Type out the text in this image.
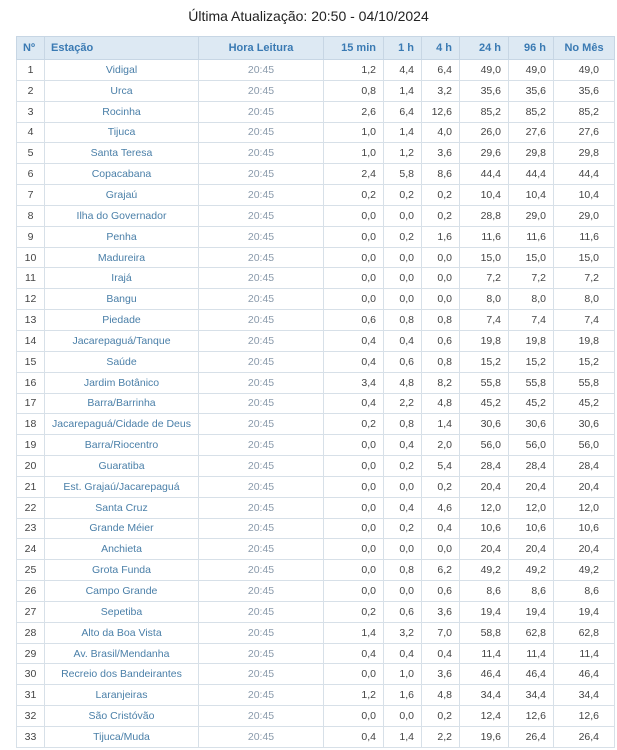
Última Atualização: 20:50 - 04/10/2024
Nº	Estação	Hora Leitura	15 min	1 h	4 h	24 h	96 h	No Mês
1	Vidigal	20:45	1,2	4,4	6,4	49,0	49,0	49,0
2	Urca	20:45	0,8	1,4	3,2	35,6	35,6	35,6
3	Rocinha	20:45	2,6	6,4	12,6	85,2	85,2	85,2
4	Tijuca	20:45	1,0	1,4	4,0	26,0	27,6	27,6
5	Santa Teresa	20:45	1,0	1,2	3,6	29,6	29,8	29,8
6	Copacabana	20:45	2,4	5,8	8,6	44,4	44,4	44,4
7	Grajaú	20:45	0,2	0,2	0,2	10,4	10,4	10,4
8	Ilha do Governador	20:45	0,0	0,0	0,2	28,8	29,0	29,0
9	Penha	20:45	0,0	0,2	1,6	11,6	11,6	11,6
10	Madureira	20:45	0,0	0,0	0,0	15,0	15,0	15,0
11	Irajá	20:45	0,0	0,0	0,0	7,2	7,2	7,2
12	Bangu	20:45	0,0	0,0	0,0	8,0	8,0	8,0
13	Piedade	20:45	0,6	0,8	0,8	7,4	7,4	7,4
14	Jacarepaguá/Tanque	20:45	0,4	0,4	0,6	19,8	19,8	19,8
15	Saúde	20:45	0,4	0,6	0,8	15,2	15,2	15,2
16	Jardim Botânico	20:45	3,4	4,8	8,2	55,8	55,8	55,8
17	Barra/Barrinha	20:45	0,4	2,2	4,8	45,2	45,2	45,2
18	Jacarepaguá/Cidade de Deus	20:45	0,2	0,8	1,4	30,6	30,6	30,6
19	Barra/Riocentro	20:45	0,0	0,4	2,0	56,0	56,0	56,0
20	Guaratiba	20:45	0,0	0,2	5,4	28,4	28,4	28,4
21	Est. Grajaú/Jacarepaguá	20:45	0,0	0,0	0,2	20,4	20,4	20,4
22	Santa Cruz	20:45	0,0	0,4	4,6	12,0	12,0	12,0
23	Grande Méier	20:45	0,0	0,2	0,4	10,6	10,6	10,6
24	Anchieta	20:45	0,0	0,0	0,0	20,4	20,4	20,4
25	Grota Funda	20:45	0,0	0,8	6,2	49,2	49,2	49,2
26	Campo Grande	20:45	0,0	0,0	0,6	8,6	8,6	8,6
27	Sepetiba	20:45	0,2	0,6	3,6	19,4	19,4	19,4
28	Alto da Boa Vista	20:45	1,4	3,2	7,0	58,8	62,8	62,8
29	Av. Brasil/Mendanha	20:45	0,4	0,4	0,4	11,4	11,4	11,4
30	Recreio dos Bandeirantes	20:45	0,0	1,0	3,6	46,4	46,4	46,4
31	Laranjeiras	20:45	1,2	1,6	4,8	34,4	34,4	34,4
32	São Cristóvão	20:45	0,0	0,0	0,2	12,4	12,6	12,6
33	Tijuca/Muda	20:45	0,4	1,4	2,2	19,6	26,4	26,4
